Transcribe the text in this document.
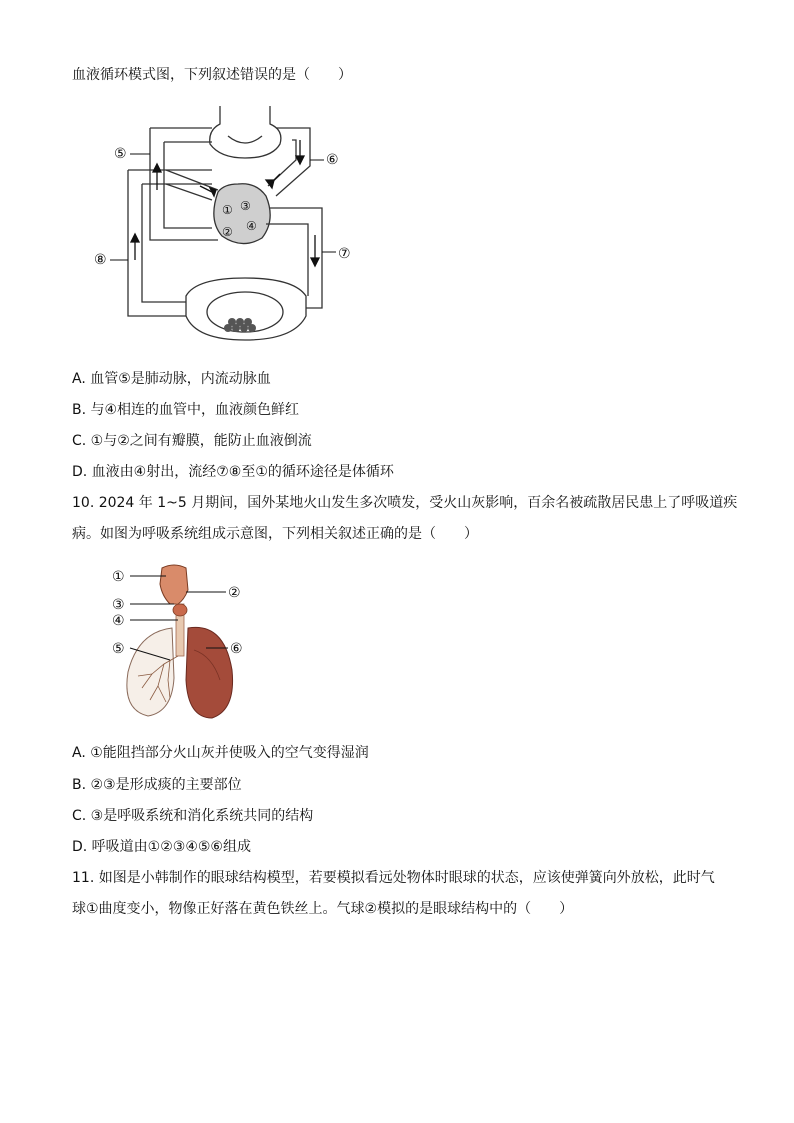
血液循环模式图，下列叙述错误的是（　　）
①
②
③
④
⑤	⑥
⑦
⑧
A. 血管⑤是肺动脉，内流动脉血
B. 与④相连的血管中，血液颜色鲜红
C. ①与②之间有瓣膜，能防止血液倒流
D. 血液由④射出，流经⑦⑧至①的循环途径是体循环
10. 2024 年 1~5 月期间，国外某地火山发生多次喷发，受火山灰影响，百余名被疏散居民患上了呼吸道疾
病。如图为呼吸系统组成示意图，下列相关叙述正确的是（　　）
①
②
③
④
⑤	⑥
A. ①能阻挡部分火山灰并使吸入的空气变得湿润
B. ②③是形成痰的主要部位
C. ③是呼吸系统和消化系统共同的结构
D. 呼吸道由①②③④⑤⑥组成
11. 如图是小韩制作的眼球结构模型，若要模拟看远处物体时眼球的状态，应该使弹簧向外放松，此时气
球①曲度变小，物像正好落在黄色铁丝上。气球②模拟的是眼球结构中的（　　）
